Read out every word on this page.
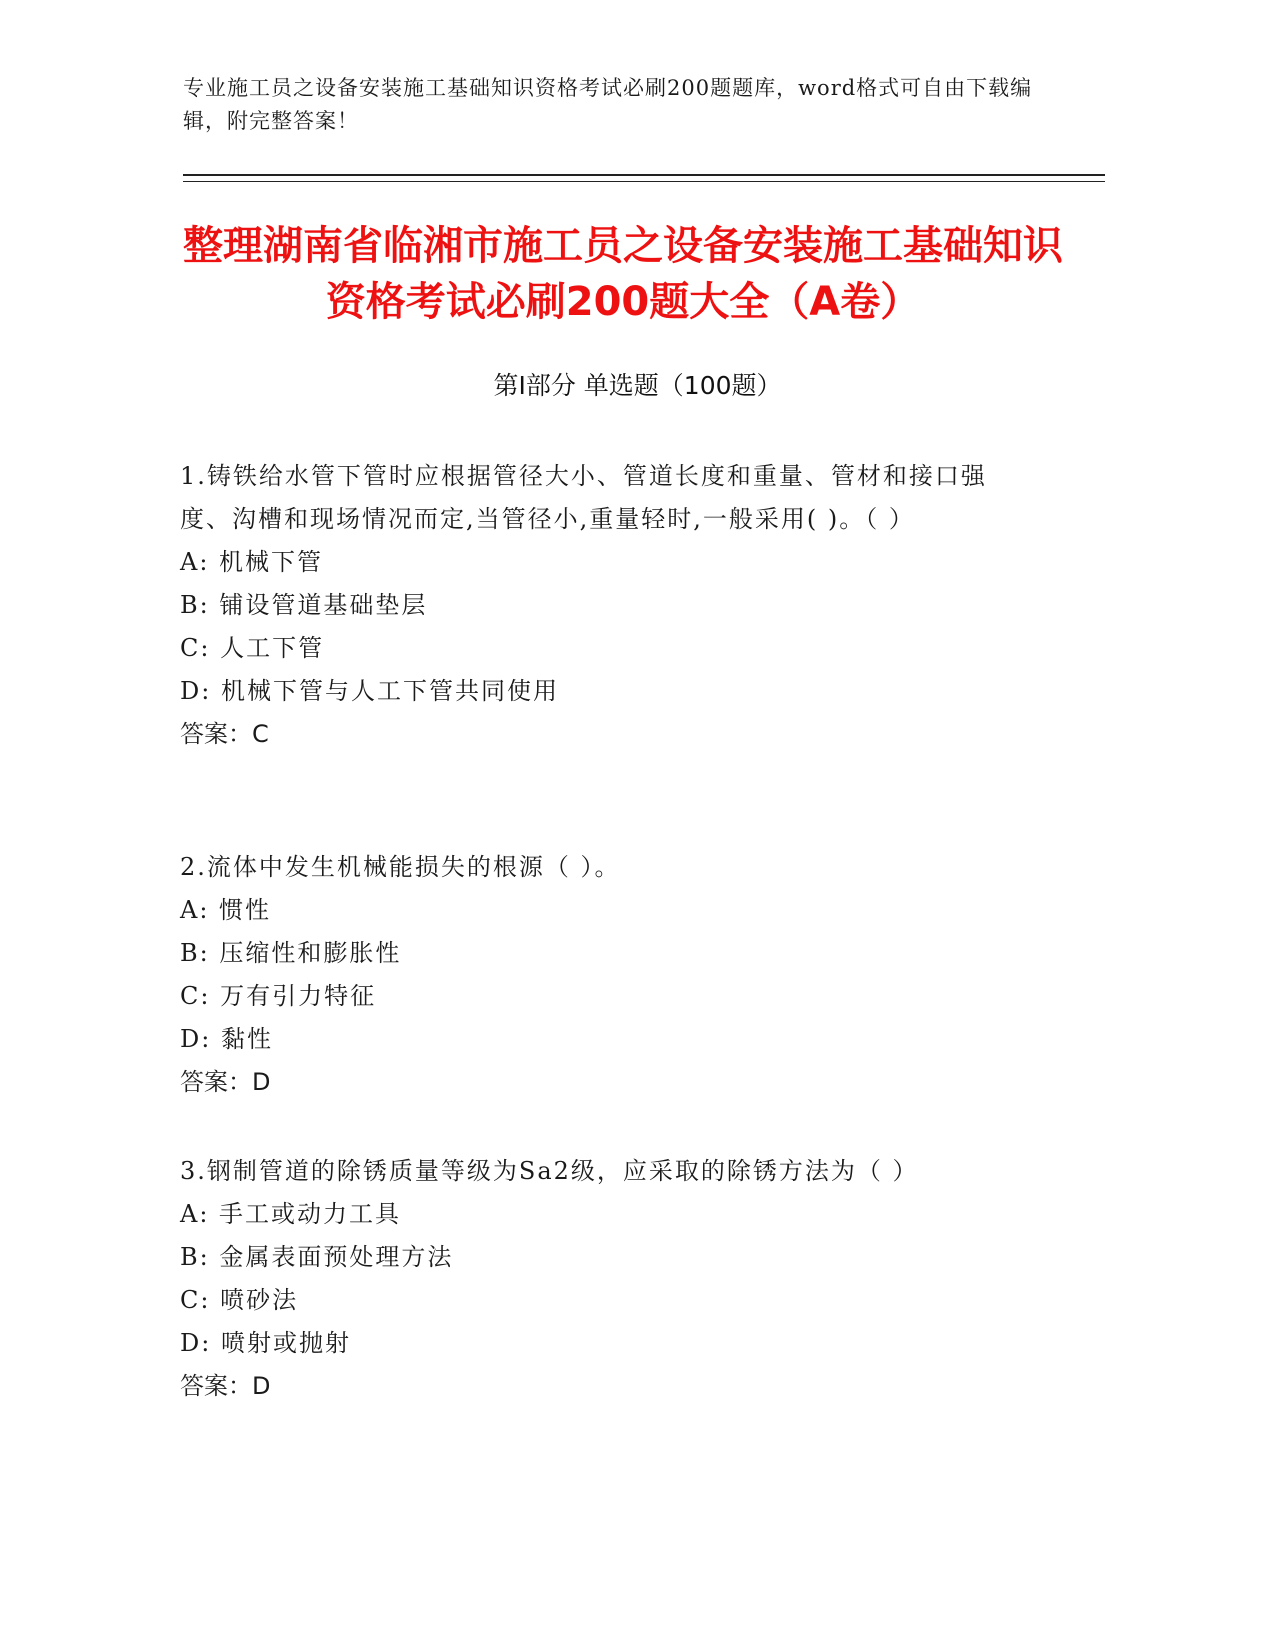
专业施工员之设备安装施工基础知识资格考试必刷200题题库，word格式可自由下载编辑，附完整答案！
整理湖南省临湘市施工员之设备安装施工基础知识资格考试必刷200题大全（A卷）
第I部分 单选题（100题）
1.铸铁给水管下管时应根据管径大小、管道长度和重量、管材和接口强度、沟槽和现场情况而定,当管径小,重量轻时,一般采用( )。（ ）
A: 机械下管
B: 铺设管道基础垫层
C: 人工下管
D: 机械下管与人工下管共同使用
答案：C
2.流体中发生机械能损失的根源（ ）。
A: 惯性
B: 压缩性和膨胀性
C: 万有引力特征
D: 黏性
答案：D
3.钢制管道的除锈质量等级为Sa2级，应采取的除锈方法为（ ）
A: 手工或动力工具
B: 金属表面预处理方法
C: 喷砂法
D: 喷射或抛射
答案：D
